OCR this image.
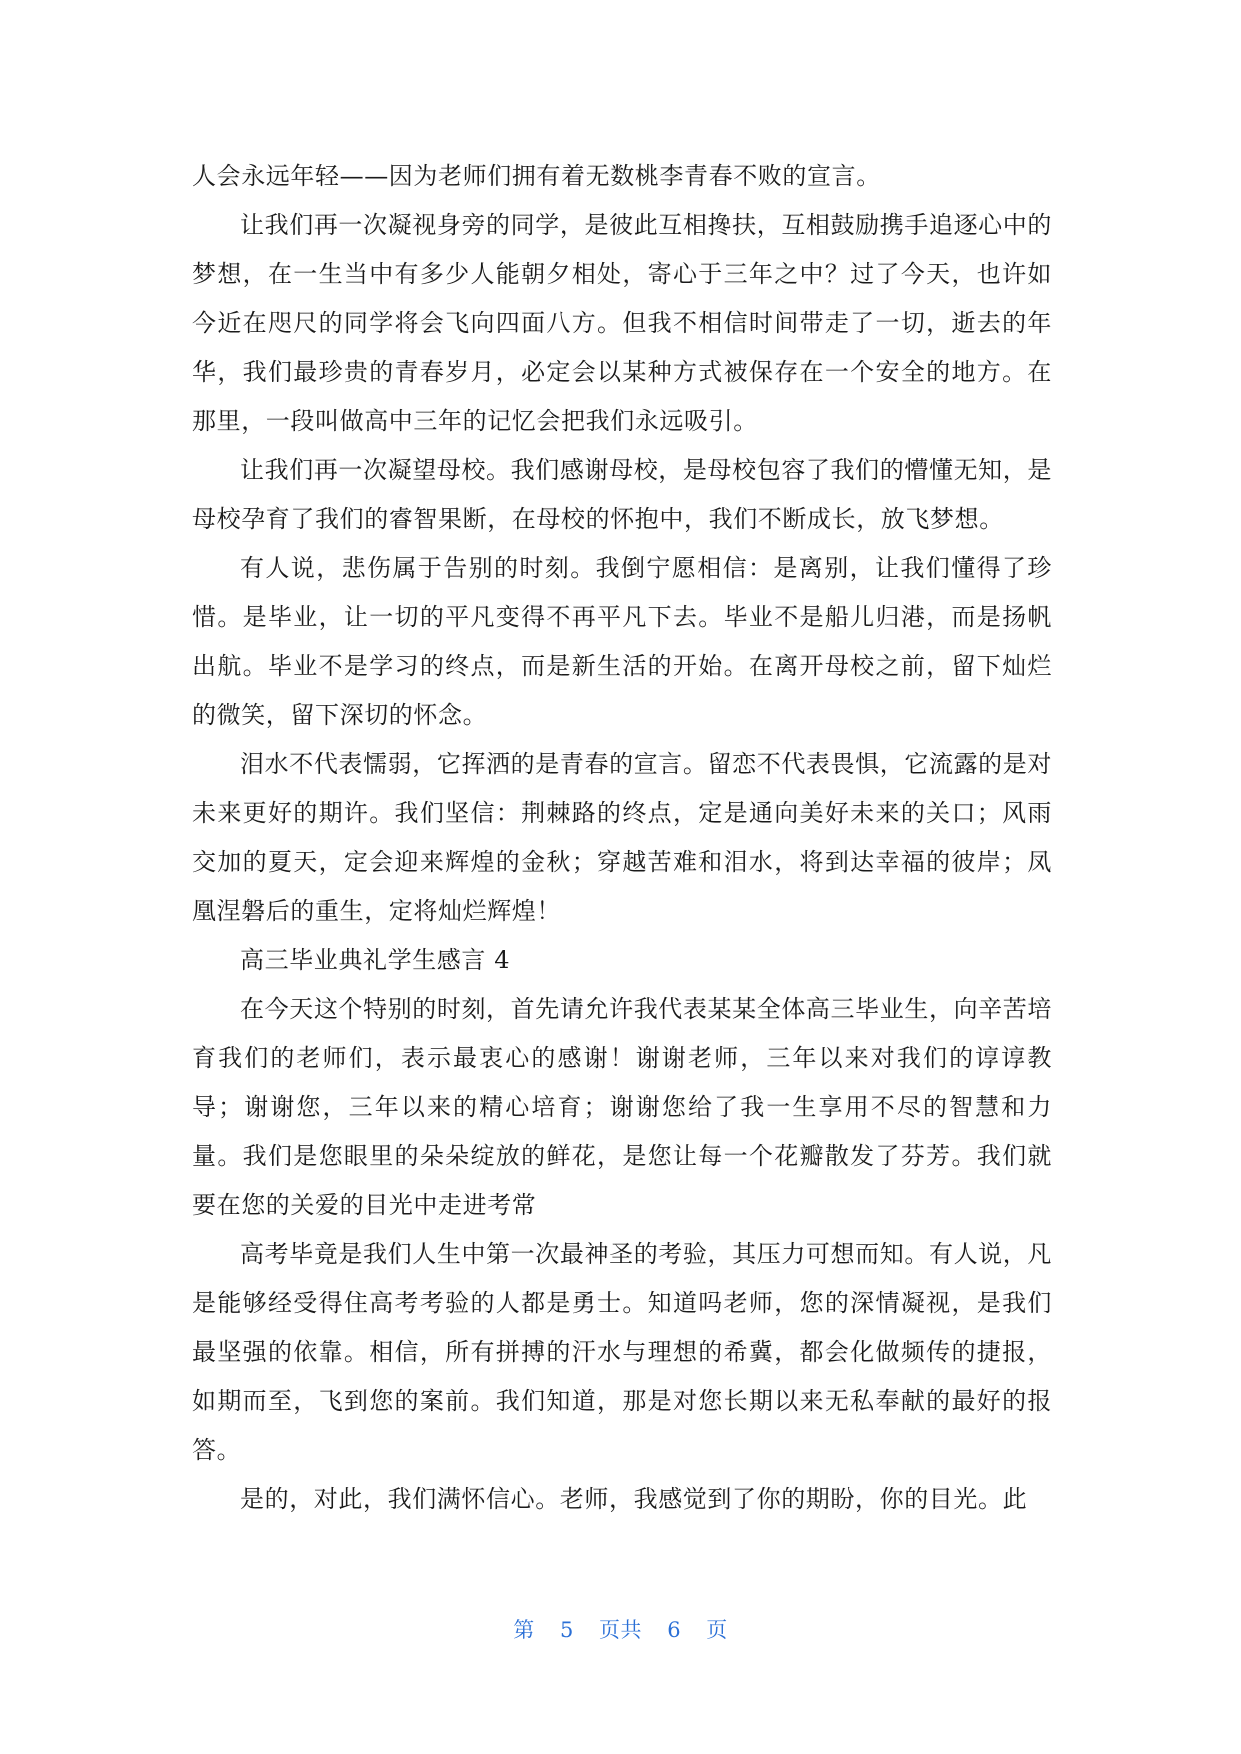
人会永远年轻——因为老师们拥有着无数桃李青春不败的宣言。

让我们再一次凝视身旁的同学，是彼此互相搀扶，互相鼓励携手追逐心中的梦想，在一生当中有多少人能朝夕相处，寄心于三年之中？过了今天，也许如今近在咫尺的同学将会飞向四面八方。但我不相信时间带走了一切，逝去的年华，我们最珍贵的青春岁月，必定会以某种方式被保存在一个安全的地方。在那里，一段叫做高中三年的记忆会把我们永远吸引。

让我们再一次凝望母校。我们感谢母校，是母校包容了我们的懵懂无知，是母校孕育了我们的睿智果断，在母校的怀抱中，我们不断成长，放飞梦想。

有人说，悲伤属于告别的时刻。我倒宁愿相信：是离别，让我们懂得了珍惜。是毕业，让一切的平凡变得不再平凡下去。毕业不是船儿归港，而是扬帆出航。毕业不是学习的终点，而是新生活的开始。在离开母校之前，留下灿烂的微笑，留下深切的怀念。

泪水不代表懦弱，它挥洒的是青春的宣言。留恋不代表畏惧，它流露的是对未来更好的期许。我们坚信：荆棘路的终点，定是通向美好未来的关口；风雨交加的夏天，定会迎来辉煌的金秋；穿越苦难和泪水，将到达幸福的彼岸；凤凰涅磐后的重生，定将灿烂辉煌！

高三毕业典礼学生感言 4

在今天这个特别的时刻，首先请允许我代表某某全体高三毕业生，向辛苦培育我们的老师们，表示最衷心的感谢！谢谢老师，三年以来对我们的谆谆教导；谢谢您，三年以来的精心培育；谢谢您给了我一生享用不尽的智慧和力量。我们是您眼里的朵朵绽放的鲜花，是您让每一个花瓣散发了芬芳。我们就要在您的关爱的目光中走进考常

高考毕竟是我们人生中第一次最神圣的考验，其压力可想而知。有人说，凡是能够经受得住高考考验的人都是勇士。知道吗老师，您的深情凝视，是我们最坚强的依靠。相信，所有拼搏的汗水与理想的希冀，都会化做频传的捷报，如期而至，飞到您的案前。我们知道，那是对您长期以来无私奉献的最好的报答。

是的，对此，我们满怀信心。老师，我感觉到了你的期盼，你的目光。此

第 5 页共 6 页
